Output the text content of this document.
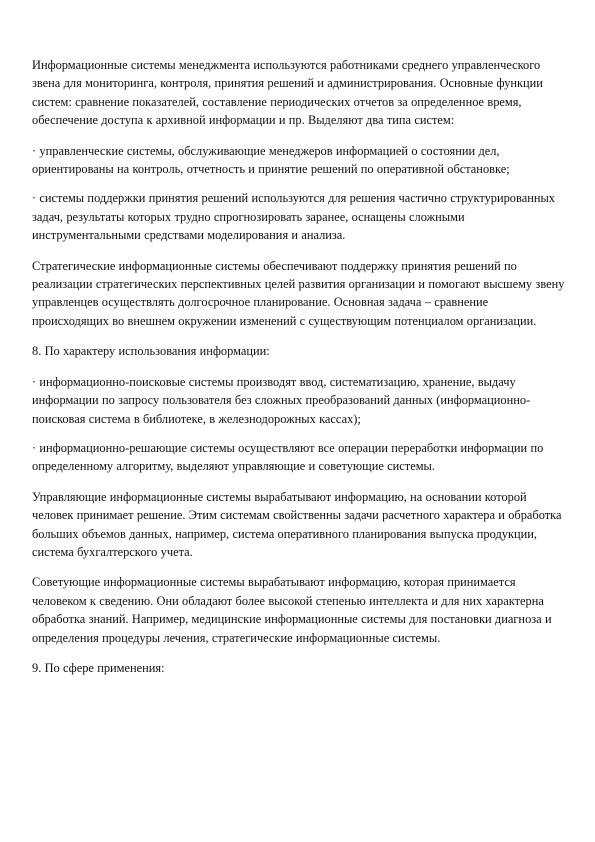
Информационные системы менеджмента используются работниками среднего управленческого звена для мониторинга, контроля, принятия решений и администрирования. Основные функции систем: сравнение показателей, составление периодических отчетов за определенное время, обеспечение доступа к архивной информации и пр. Выделяют два типа систем:

· управленческие системы, обслуживающие менеджеров информацией о состоянии дел, ориентированы на контроль, отчетность и принятие решений по оперативной обстановке;

· системы поддержки принятия решений используются для решения частично структурированных задач, результаты которых трудно спрогнозировать заранее, оснащены сложными инструментальными средствами моделирования и анализа.

Стратегические информационные системы обеспечивают поддержку принятия решений по реализации стратегических перспективных целей развития организации и помогают высшему звену управленцев осуществлять долгосрочное планирование. Основная задача – сравнение происходящих во внешнем окружении изменений с существующим потенциалом организации.

8. По характеру использования информации:

· информационно-поисковые системы производят ввод, систематизацию, хранение, выдачу информации по запросу пользователя без сложных преобразований данных (информационно-поисковая система в библиотеке, в железнодорожных кассах);

· информационно-решающие системы осуществляют все операции переработки информации по определенному алгоритму, выделяют управляющие и советующие системы.

Управляющие информационные системы вырабатывают информацию, на основании которой человек принимает решение. Этим системам свойственны задачи расчетного характера и обработка больших объемов данных, например, система оперативного планирования выпуска продукции, система бухгалтерского учета.

Советующие информационные системы вырабатывают информацию, которая принимается человеком к сведению. Они обладают более высокой степенью интеллекта и для них характерна обработка знаний. Например, медицинские информационные системы для постановки диагноза и определения процедуры лечения, стратегические информационные системы.

9. По сфере применения:
